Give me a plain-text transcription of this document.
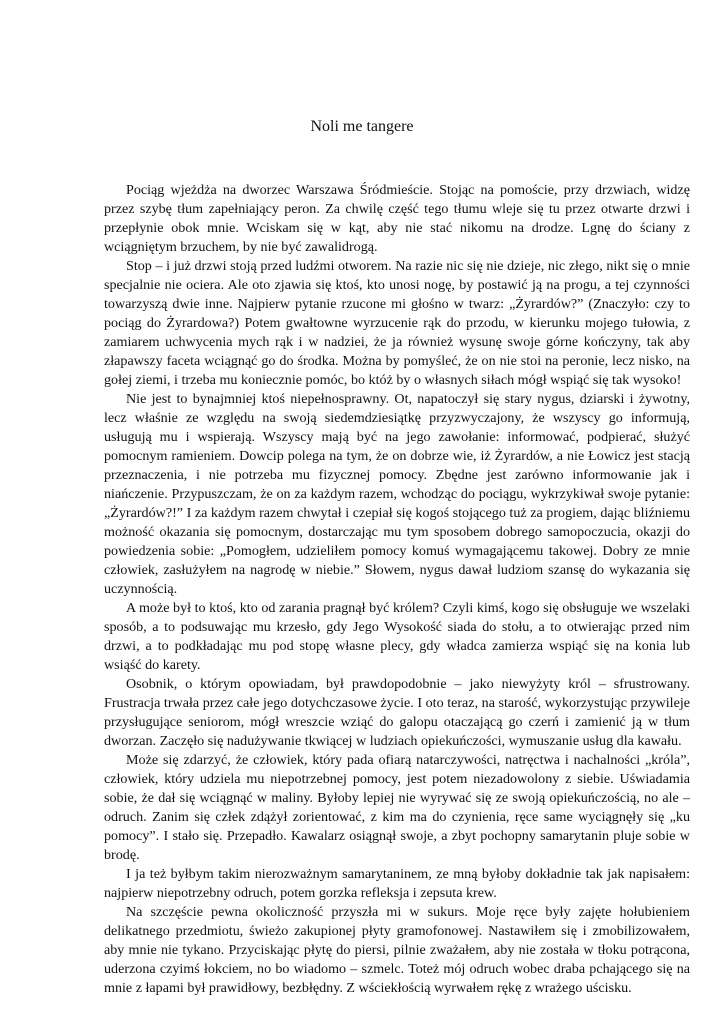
Noli me tangere

Pociąg wjeżdża na dworzec Warszawa Śródmieście. Stojąc na pomoście, przy drzwiach, widzę przez szybę tłum zapełniający peron. Za chwilę część tego tłumu wleje się tu przez otwarte drzwi i przepłynie obok mnie. Wciskam się w kąt, aby nie stać nikomu na drodze. Lgnę do ściany z wciągniętym brzuchem, by nie być zawalidrogą.

Stop – i już drzwi stoją przed ludźmi otworem. Na razie nic się nie dzieje, nic złego, nikt się o mnie specjalnie nie ociera. Ale oto zjawia się ktoś, kto unosi nogę, by postawić ją na progu, a tej czynności towarzyszą dwie inne. Najpierw pytanie rzucone mi głośno w twarz: „Żyrardów?” (Znaczyło: czy to pociąg do Żyrardowa?) Potem gwałtowne wyrzucenie rąk do przodu, w kierunku mojego tułowia, z zamiarem uchwycenia mych rąk i w nadziei, że ja również wysunę swoje górne kończyny, tak aby złapawszy faceta wciągnąć go do środka. Można by pomyśleć, że on nie stoi na peronie, lecz nisko, na gołej ziemi, i trzeba mu koniecznie pomóc, bo któż by o własnych siłach mógł wspiąć się tak wysoko!

Nie jest to bynajmniej ktoś niepełnosprawny. Ot, napatoczył się stary nygus, dziarski i żywotny, lecz właśnie ze względu na swoją siedemdziesiątkę przyzwyczajony, że wszyscy go informują, usługują mu i wspierają. Wszyscy mają być na jego zawołanie: informować, podpierać, służyć pomocnym ramieniem. Dowcip polega na tym, że on dobrze wie, iż Żyrardów, a nie Łowicz jest stacją przeznaczenia, i nie potrzeba mu fizycznej pomocy. Zbędne jest zarówno informowanie jak i niańczenie. Przypuszczam, że on za każdym razem, wchodząc do pociągu, wykrzykiwał swoje pytanie: „Żyrardów?!” I za każdym razem chwytał i czepiał się kogoś stojącego tuż za progiem, dając bliźniemu możność okazania się pomocnym, dostarczając mu tym sposobem dobrego samopoczucia, okazji do powiedzenia sobie: „Pomogłem, udzieliłem pomocy komuś wymagającemu takowej. Dobry ze mnie człowiek, zasłużyłem na nagrodę w niebie.” Słowem, nygus dawał ludziom szansę do wykazania się uczynnością.

A może był to ktoś, kto od zarania pragnął być królem? Czyli kimś, kogo się obsługuje we wszelaki sposób, a to podsuwając mu krzesło, gdy Jego Wysokość siada do stołu, a to otwierając przed nim drzwi, a to podkładając mu pod stopę własne plecy, gdy władca zamierza wspiąć się na konia lub wsiąść do karety.

Osobnik, o którym opowiadam, był prawdopodobnie – jako niewyżyty król – sfrustrowany. Frustracja trwała przez całe jego dotychczasowe życie. I oto teraz, na starość, wykorzystując przywileje przysługujące seniorom, mógł wreszcie wziąć do galopu otaczającą go czerń i zamienić ją w tłum dworzan. Zaczęło się nadużywanie tkwiącej w ludziach opiekuńczości, wymuszanie usług dla kawału.

Może się zdarzyć, że człowiek, który pada ofiarą natarczywości, natręctwa i nachalności „króla”, człowiek, który udziela mu niepotrzebnej pomocy, jest potem niezadowolony z siebie. Uświadamia sobie, że dał się wciągnąć w maliny. Byłoby lepiej nie wyrywać się ze swoją opiekuńczością, no ale – odruch. Zanim się człek zdążył zorientować, z kim ma do czynienia, ręce same wyciągnęły się „ku pomocy”. I stało się. Przepadło. Kawalarz osiągnął swoje, a zbyt pochopny samarytanin pluje sobie w brodę.

I ja też byłbym takim nierozważnym samarytaninem, ze mną byłoby dokładnie tak jak napisałem: najpierw niepotrzebny odruch, potem gorzka refleksja i zepsuta krew.

Na szczęście pewna okoliczność przyszła mi w sukurs. Moje ręce były zajęte hołubieniem delikatnego przedmiotu, świeżo zakupionej płyty gramofonowej. Nastawiłem się i zmobilizowałem, aby mnie nie tykano. Przyciskając płytę do piersi, pilnie zważałem, aby nie została w tłoku potrącona, uderzona czyimś łokciem, no bo wiadomo – szmelc. Toteż mój odruch wobec draba pchającego się na mnie z łapami był prawidłowy, bezbłędny. Z wściekłością wyrwałem rękę z wrażego uścisku.
